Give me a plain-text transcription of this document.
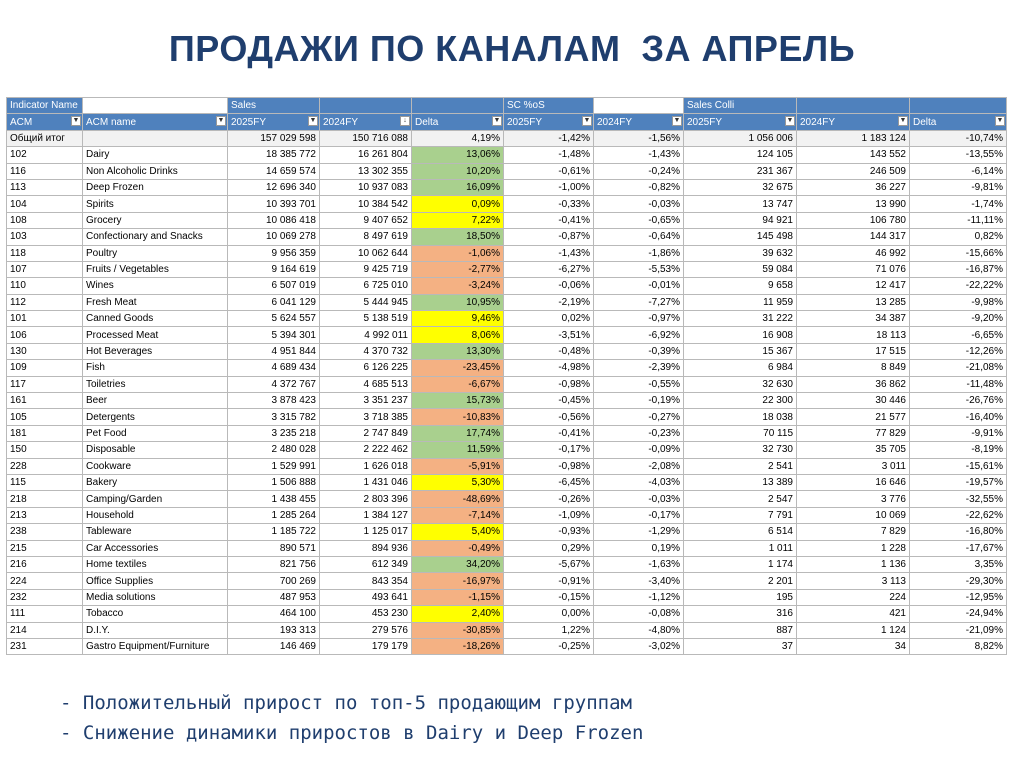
ПРОДАЖИ ПО КАНАЛАМ  ЗА АПРЕЛЬ
Indicator Name		Sales			SC %oS		Sales Colli		
ACM ▼	ACM name ▼	2025FY ▼	2024FY ↓	Delta ▼	2025FY ▼	2024FY ▼	2025FY ▼	2024FY ▼	Delta ▼

Общий итог		157 029 598	150 716 088	4,19%	-1,42%	-1,56%	1 056 006	1 183 124	-10,74%
102	Dairy	18 385 772	16 261 804	13,06%	-1,48%	-1,43%	124 105	143 552	-13,55%
116	Non Alcoholic Drinks	14 659 574	13 302 355	10,20%	-0,61%	-0,24%	231 367	246 509	-6,14%
113	Deep Frozen	12 696 340	10 937 083	16,09%	-1,00%	-0,82%	32 675	36 227	-9,81%
104	Spirits	10 393 701	10 384 542	0,09%	-0,33%	-0,03%	13 747	13 990	-1,74%
108	Grocery	10 086 418	9 407 652	7,22%	-0,41%	-0,65%	94 921	106 780	-11,11%
103	Confectionary and Snacks	10 069 278	8 497 619	18,50%	-0,87%	-0,64%	145 498	144 317	0,82%
118	Poultry	9 956 359	10 062 644	-1,06%	-1,43%	-1,86%	39 632	46 992	-15,66%
107	Fruits / Vegetables	9 164 619	9 425 719	-2,77%	-6,27%	-5,53%	59 084	71 076	-16,87%
110	Wines	6 507 019	6 725 010	-3,24%	-0,06%	-0,01%	9 658	12 417	-22,22%
112	Fresh Meat	6 041 129	5 444 945	10,95%	-2,19%	-7,27%	11 959	13 285	-9,98%
101	Canned Goods	5 624 557	5 138 519	9,46%	0,02%	-0,97%	31 222	34 387	-9,20%
106	Processed Meat	5 394 301	4 992 011	8,06%	-3,51%	-6,92%	16 908	18 113	-6,65%
130	Hot Beverages	4 951 844	4 370 732	13,30%	-0,48%	-0,39%	15 367	17 515	-12,26%
109	Fish	4 689 434	6 126 225	-23,45%	-4,98%	-2,39%	6 984	8 849	-21,08%
117	Toiletries	4 372 767	4 685 513	-6,67%	-0,98%	-0,55%	32 630	36 862	-11,48%
161	Beer	3 878 423	3 351 237	15,73%	-0,45%	-0,19%	22 300	30 446	-26,76%
105	Detergents	3 315 782	3 718 385	-10,83%	-0,56%	-0,27%	18 038	21 577	-16,40%
181	Pet Food	3 235 218	2 747 849	17,74%	-0,41%	-0,23%	70 115	77 829	-9,91%
150	Disposable	2 480 028	2 222 462	11,59%	-0,17%	-0,09%	32 730	35 705	-8,19%
228	Cookware	1 529 991	1 626 018	-5,91%	-0,98%	-2,08%	2 541	3 011	-15,61%
115	Bakery	1 506 888	1 431 046	5,30%	-6,45%	-4,03%	13 389	16 646	-19,57%
218	Camping/Garden	1 438 455	2 803 396	-48,69%	-0,26%	-0,03%	2 547	3 776	-32,55%
213	Household	1 285 264	1 384 127	-7,14%	-1,09%	-0,17%	7 791	10 069	-22,62%
238	Tableware	1 185 722	1 125 017	5,40%	-0,93%	-1,29%	6 514	7 829	-16,80%
215	Car Accessories	890 571	894 936	-0,49%	0,29%	0,19%	1 011	1 228	-17,67%
216	Home textiles	821 756	612 349	34,20%	-5,67%	-1,63%	1 174	1 136	3,35%
224	Office Supplies	700 269	843 354	-16,97%	-0,91%	-3,40%	2 201	3 113	-29,30%
232	Media solutions	487 953	493 641	-1,15%	-0,15%	-1,12%	195	224	-12,95%
111	Tobacco	464 100	453 230	2,40%	0,00%	-0,08%	316	421	-24,94%
214	D.I.Y.	193 313	279 576	-30,85%	1,22%	-4,80%	887	1 124	-21,09%
231	Gastro Equipment/Furniture	146 469	179 179	-18,26%	-0,25%	-3,02%	37	34	8,82%
- Положительный прирост по топ-5 продающим группам
- Снижение динамики приростов в Dairy и Deep Frozen
